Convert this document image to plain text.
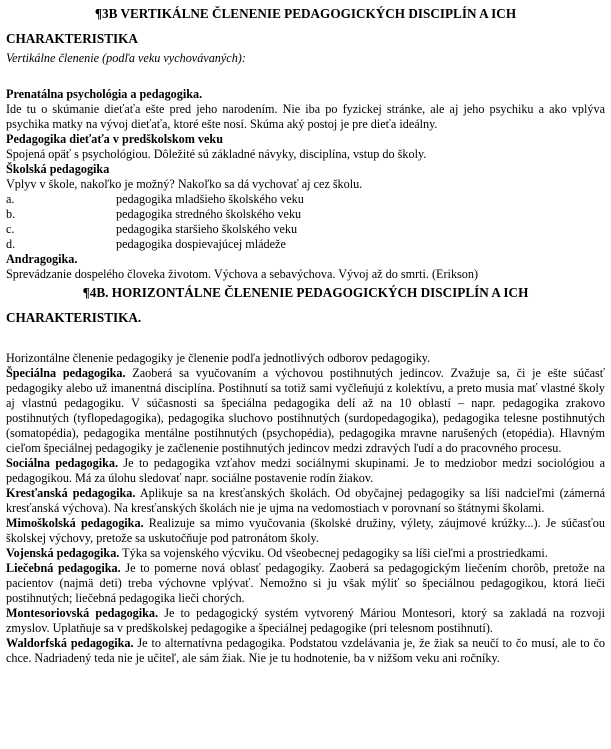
¶3B VERTIKÁLNE ČLENENIE PEDAGOGICKÝCH DISCIPLÍN A ICH
CHARAKTERISTIKA
Vertikálne členenie (podľa veku vychovávaných):
Prenatálna psychológia a pedagogika.
Ide tu o skúmanie dieťaťa ešte pred jeho narodením. Nie iba po fyzickej stránke, ale aj jeho psychiku a ako vplýva psychika matky na vývoj dieťaťa, ktoré ešte nosí. Skúma aký postoj je pre dieťa ideálny.
Pedagogika dieťaťa v predškolskom veku
Spojená opäť s psychológiou. Dôležité sú základné návyky, disciplína, vstup do školy.
Školská pedagogika
Vplyv v škole, nakoľko je možný? Nakoľko sa dá vychovať aj cez školu.
a.	pedagogika mladšieho školského veku
b.	pedagogika stredného školského veku
c.	pedagogika staršieho školského veku
d.	pedagogika dospievajúcej mládeže
Andragogika.
Sprevádzanie dospelého človeka životom. Výchova a sebavýchova. Vývoj až do smrti. (Erikson)
¶4B. HORIZONTÁLNE ČLENENIE PEDAGOGICKÝCH DISCIPLÍN A ICH
CHARAKTERISTIKA.
Horizontálne členenie pedagogiky je členenie podľa jednotlivých odborov pedagogiky.
Špeciálna pedagogika. Zaoberá sa vyučovaním a výchovou postihnutých jedincov. Zvažuje sa, či je ešte súčasť pedagogiky alebo už imanentná disciplína. Postihnutí sa totiž sami vyčleňujú z kolektívu, a preto musia mať vlastné školy aj vlastnú pedagogiku. V súčasnosti sa špeciálna pedagogika delí až na 10 oblastí – napr. pedagogika zrakovo postihnutých (tyflopedagogika), pedagogika sluchovo postihnutých (surdopedagogika), pedagogika telesne postihnutých (somatopédia), pedagogika mentálne postihnutých (psychopédia), pedagogika mravne narušených (etopédia). Hlavným cieľom špeciálnej pedagogiky je začlenenie postihnutých jedincov medzi zdravých ľudí a do pracovného procesu.
Sociálna pedagogika. Je to pedagogika vzťahov medzi sociálnymi skupinami. Je to medziobor medzi sociológiou a pedagogikou. Má za úlohu sledovať napr. sociálne postavenie rodín žiakov.
Kresťanská pedagogika. Aplikuje sa na kresťanských školách. Od obyčajnej pedagogiky sa líši nadcieľmi (zámerná kresťanská výchova). Na kresťanských školách nie je ujma na vedomostiach v porovnaní so štátnymi školami.
Mimoškolská pedagogika. Realizuje sa mimo vyučovania (školské družiny, výlety, záujmové krúžky...). Je súčasťou školskej výchovy, pretože sa uskutočňuje pod patronátom školy.
Vojenská pedagogika. Týka sa vojenského výcviku. Od všeobecnej pedagogiky sa líši cieľmi a prostriedkami.
Liečebná pedagogika. Je to pomerne nová oblasť pedagogiky. Zaoberá sa pedagogickým liečením chorôb, pretože na pacientov (najmä deti) treba výchovne vplývať. Nemožno si ju však mýliť so špeciálnou pedagogikou, ktorá lieči postihnutých; liečebná pedagogika lieči chorých.
Montesoriovská pedagogika. Je to pedagogický systém vytvorený Máriou Montesori, ktorý sa zakladá na rozvoji zmyslov. Uplatňuje sa v predškolskej pedagogike a špeciálnej pedagogike (pri telesnom postihnutí).
Waldorfská pedagogika. Je to alternatívna pedagogika. Podstatou vzdelávania je, že žiak sa neučí to čo musí, ale to čo chce. Nadriadený teda nie je učiteľ, ale sám žiak. Nie je tu hodnotenie, ba v nižšom veku ani ročníky.
